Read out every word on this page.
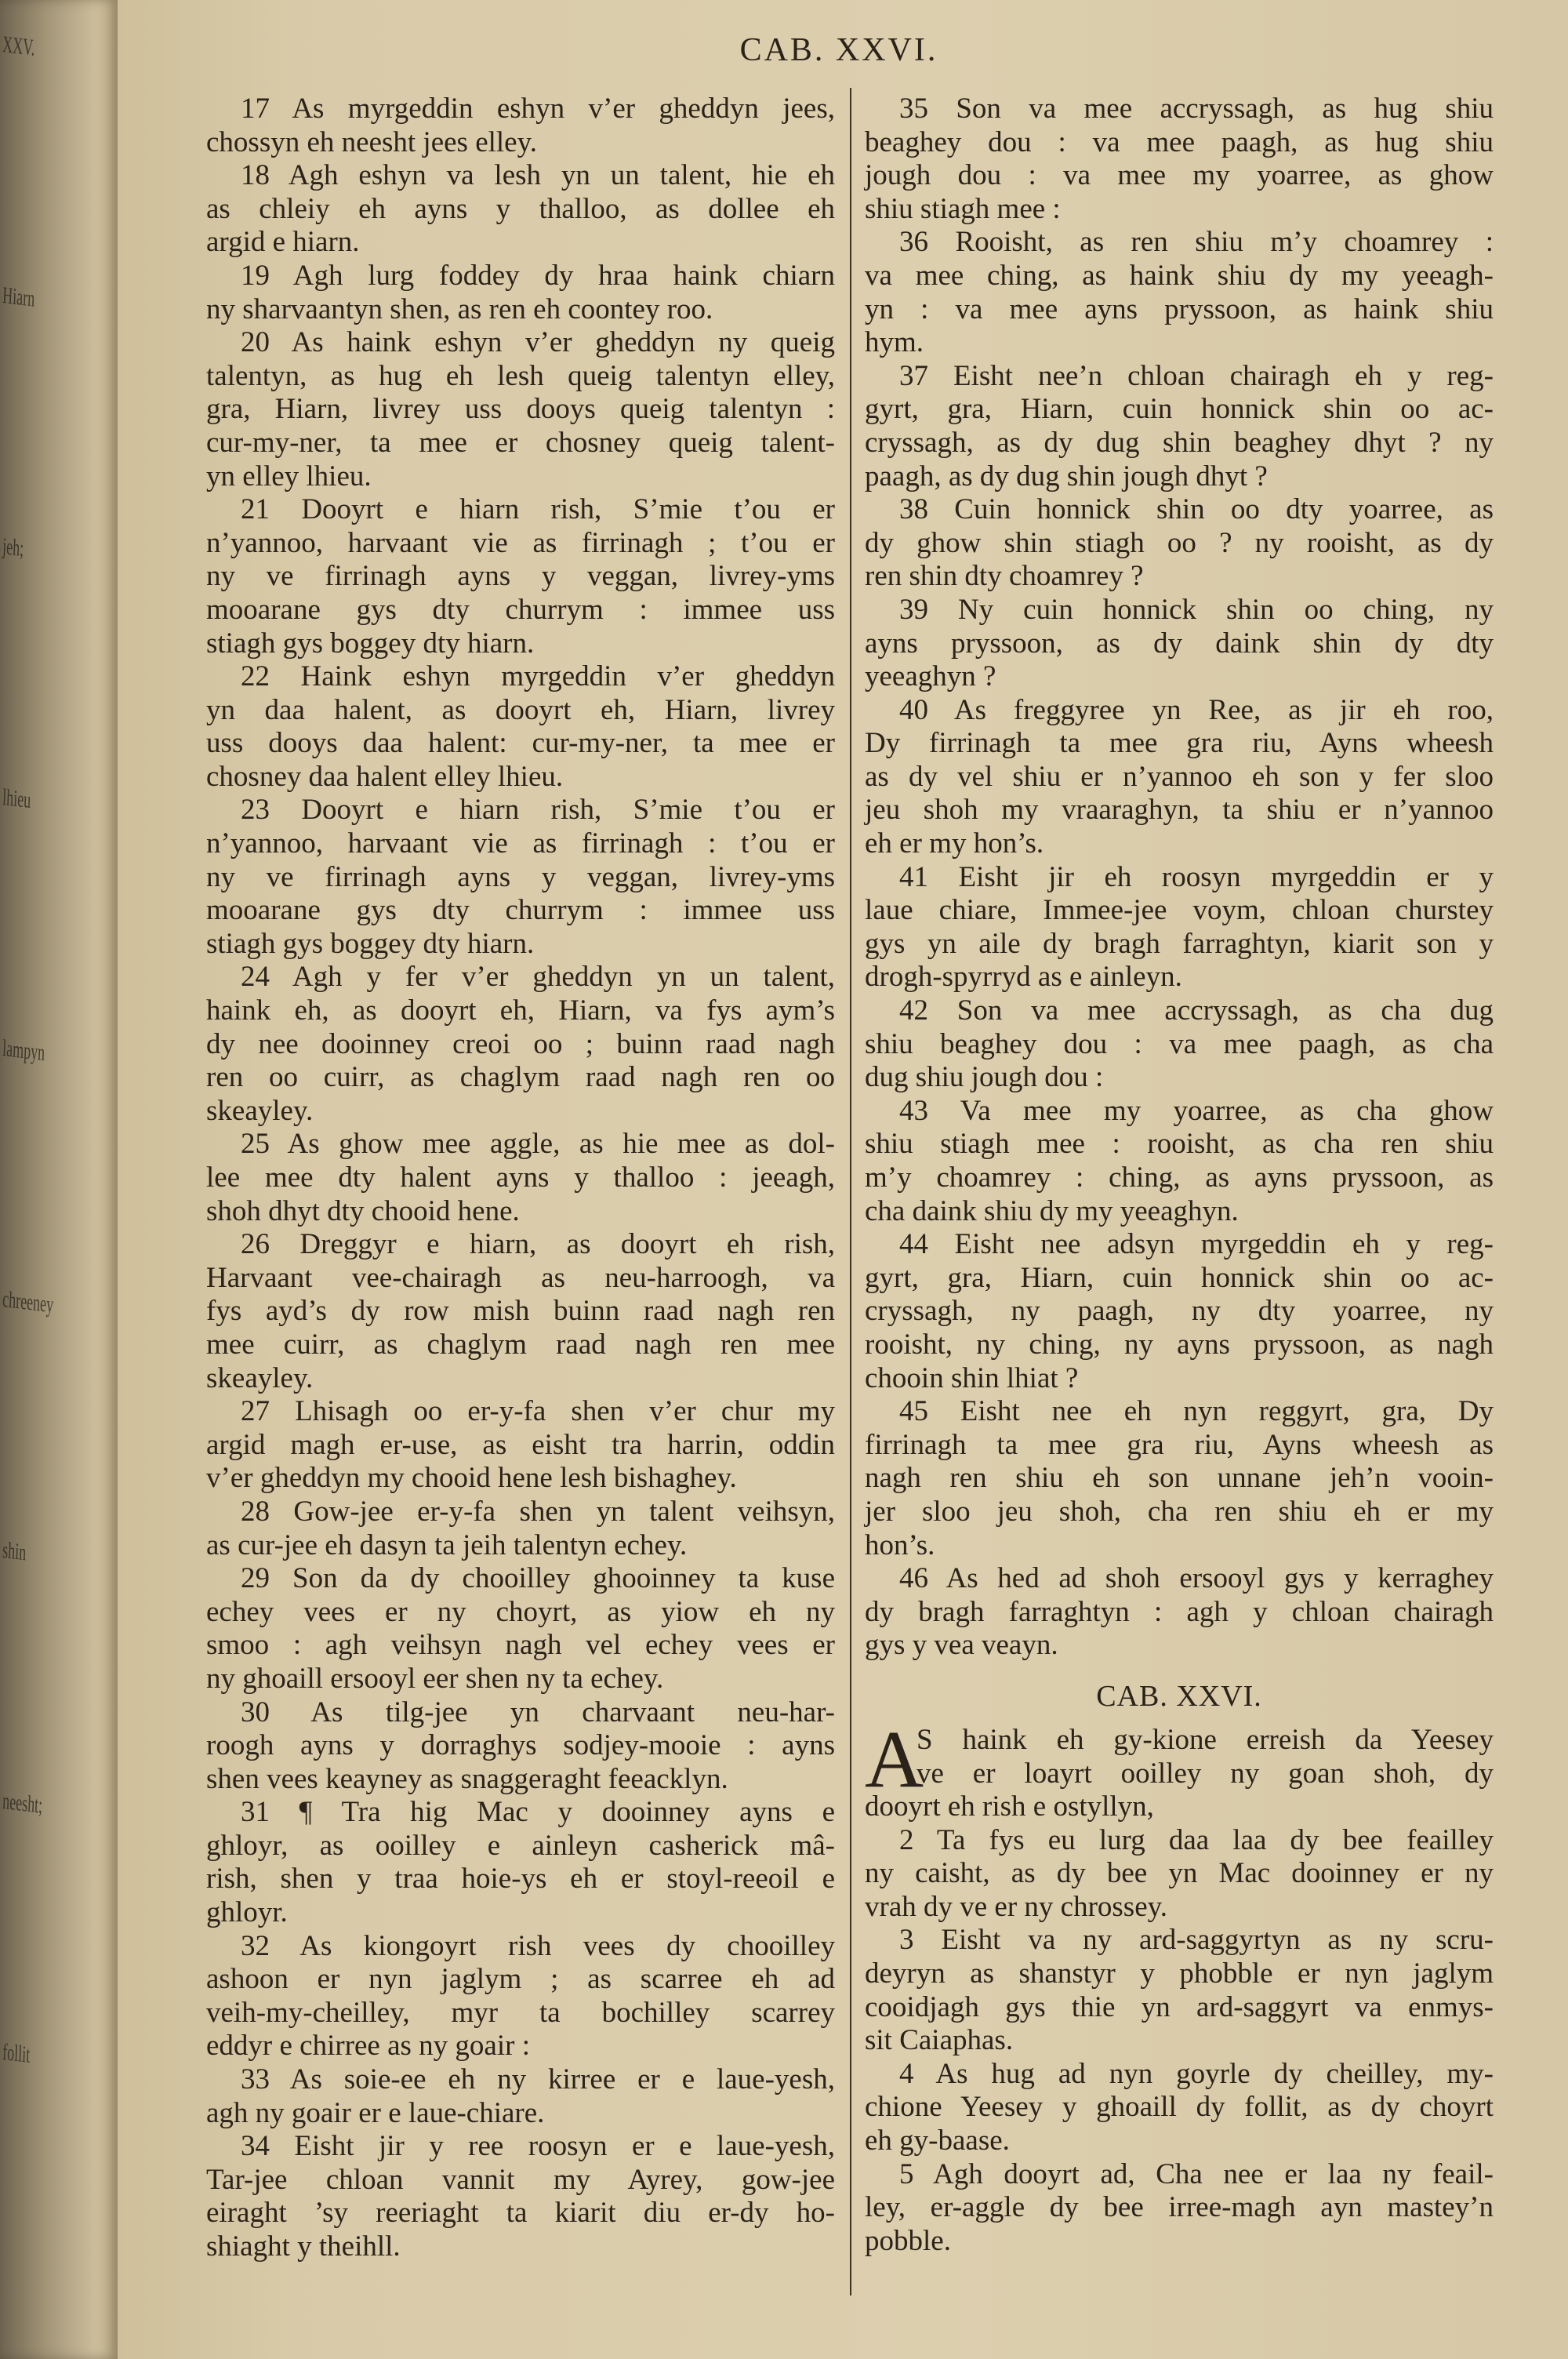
XXV.
Hiarn
jeh;
lhieu
lampyn
chreeney
shin
neesht;
follit
CAB. XXVI.
17 As myrgeddin eshyn v’er gheddyn jees,
chossyn eh neesht jees elley.
18 Agh eshyn va lesh yn un talent, hie eh
as chleiy eh ayns y thalloo, as dollee eh
argid e hiarn.
19 Agh lurg foddey dy hraa haink chiarn
ny sharvaantyn shen, as ren eh coontey roo.
20 As haink eshyn v’er gheddyn ny queig
talentyn, as hug eh lesh queig talentyn elley,
gra, Hiarn, livrey uss dooys queig talentyn :
cur-my-ner, ta mee er chosney queig talent-
yn elley lhieu.
21 Dooyrt e hiarn rish, S’mie t’ou er
n’yannoo, harvaant vie as firrinagh ; t’ou er
ny ve firrinagh ayns y veggan, livrey-yms
mooarane gys dty churrym : immee uss
stiagh gys boggey dty hiarn.
22 Haink eshyn myrgeddin v’er gheddyn
yn daa halent, as dooyrt eh, Hiarn, livrey
uss dooys daa halent: cur-my-ner, ta mee er
chosney daa halent elley lhieu.
23 Dooyrt e hiarn rish, S’mie t’ou er
n’yannoo, harvaant vie as firrinagh : t’ou er
ny ve firrinagh ayns y veggan, livrey-yms
mooarane gys dty churrym : immee uss
stiagh gys boggey dty hiarn.
24 Agh y fer v’er gheddyn yn un talent,
haink eh, as dooyrt eh, Hiarn, va fys aym’s
dy nee dooinney creoi oo ; buinn raad nagh
ren oo cuirr, as chaglym raad nagh ren oo
skeayley.
25 As ghow mee aggle, as hie mee as dol-
lee mee dty halent ayns y thalloo : jeeagh,
shoh dhyt dty chooid hene.
26 Dreggyr e hiarn, as dooyrt eh rish,
Harvaant vee-chairagh as neu-harroogh, va
fys ayd’s dy row mish buinn raad nagh ren
mee cuirr, as chaglym raad nagh ren mee
skeayley.
27 Lhisagh oo er-y-fa shen v’er chur my
argid magh er-use, as eisht tra harrin, oddin
v’er gheddyn my chooid hene lesh bishaghey.
28 Gow-jee er-y-fa shen yn talent veihsyn,
as cur-jee eh dasyn ta jeih talentyn echey.
29 Son da dy chooilley ghooinney ta kuse
echey vees er ny choyrt, as yiow eh ny
smoo : agh veihsyn nagh vel echey vees er
ny ghoaill ersooyl eer shen ny ta echey.
30 As tilg-jee yn charvaant neu-har-
roogh ayns y dorraghys sodjey-mooie : ayns
shen vees keayney as snaggeraght feeacklyn.
31 ¶ Tra hig Mac y dooinney ayns e
ghloyr, as ooilley e ainleyn casherick mâ-
rish, shen y traa hoie-ys eh er stoyl-reeoil e
ghloyr.
32 As kiongoyrt rish vees dy chooilley
ashoon er nyn jaglym ; as scarree eh ad
veih-my-cheilley, myr ta bochilley scarrey
eddyr e chirree as ny goair :
33 As soie-ee eh ny kirree er e laue-yesh,
agh ny goair er e laue-chiare.
34 Eisht jir y ree roosyn er e laue-yesh,
Tar-jee chloan vannit my Ayrey, gow-jee
eiraght ’sy reeriaght ta kiarit diu er-dy ho-
shiaght y theihll.
35 Son va mee accryssagh, as hug shiu
beaghey dou : va mee paagh, as hug shiu
jough dou : va mee my yoarree, as ghow
shiu stiagh mee :
36 Rooisht, as ren shiu m’y choamrey :
va mee ching, as haink shiu dy my yeeagh-
yn : va mee ayns pryssoon, as haink shiu
hym.
37 Eisht nee’n chloan chairagh eh y reg-
gyrt, gra, Hiarn, cuin honnick shin oo ac-
cryssagh, as dy dug shin beaghey dhyt ? ny
paagh, as dy dug shin jough dhyt ?
38 Cuin honnick shin oo dty yoarree, as
dy ghow shin stiagh oo ? ny rooisht, as dy
ren shin dty choamrey ?
39 Ny cuin honnick shin oo ching, ny
ayns pryssoon, as dy daink shin dy dty
yeeaghyn ?
40 As freggyree yn Ree, as jir eh roo,
Dy firrinagh ta mee gra riu, Ayns wheesh
as dy vel shiu er n’yannoo eh son y fer sloo
jeu shoh my vraaraghyn, ta shiu er n’yannoo
eh er my hon’s.
41 Eisht jir eh roosyn myrgeddin er y
laue chiare, Immee-jee voym, chloan churstey
gys yn aile dy bragh farraghtyn, kiarit son y
drogh-spyrryd as e ainleyn.
42 Son va mee accryssagh, as cha dug
shiu beaghey dou : va mee paagh, as cha
dug shiu jough dou :
43 Va mee my yoarree, as cha ghow
shiu stiagh mee : rooisht, as cha ren shiu
m’y choamrey : ching, as ayns pryssoon, as
cha daink shiu dy my yeeaghyn.
44 Eisht nee adsyn myrgeddin eh y reg-
gyrt, gra, Hiarn, cuin honnick shin oo ac-
cryssagh, ny paagh, ny dty yoarree, ny
rooisht, ny ching, ny ayns pryssoon, as nagh
chooin shin lhiat ?
45 Eisht nee eh nyn reggyrt, gra, Dy
firrinagh ta mee gra riu, Ayns wheesh as
nagh ren shiu eh son unnane jeh’n vooin-
jer sloo jeu shoh, cha ren shiu eh er my
hon’s.
46 As hed ad shoh ersooyl gys y kerraghey
dy bragh farraghtyn : agh y chloan chairagh
gys y vea veayn.
CAB. XXVI.
A
S haink eh gy-kione erreish da Yeesey
ve er loayrt ooilley ny goan shoh, dy
dooyrt eh rish e ostyllyn,
2 Ta fys eu lurg daa laa dy bee feailley
ny caisht, as dy bee yn Mac dooinney er ny
vrah dy ve er ny chrossey.
3 Eisht va ny ard-saggyrtyn as ny scru-
deyryn as shanstyr y phobble er nyn jaglym
cooidjagh gys thie yn ard-saggyrt va enmys-
sit Caiaphas.
4 As hug ad nyn goyrle dy cheilley, my-
chione Yeesey y ghoaill dy follit, as dy choyrt
eh gy-baase.
5 Agh dooyrt ad, Cha nee er laa ny feail-
ley, er-aggle dy bee irree-magh ayn mastey’n
pobble.
